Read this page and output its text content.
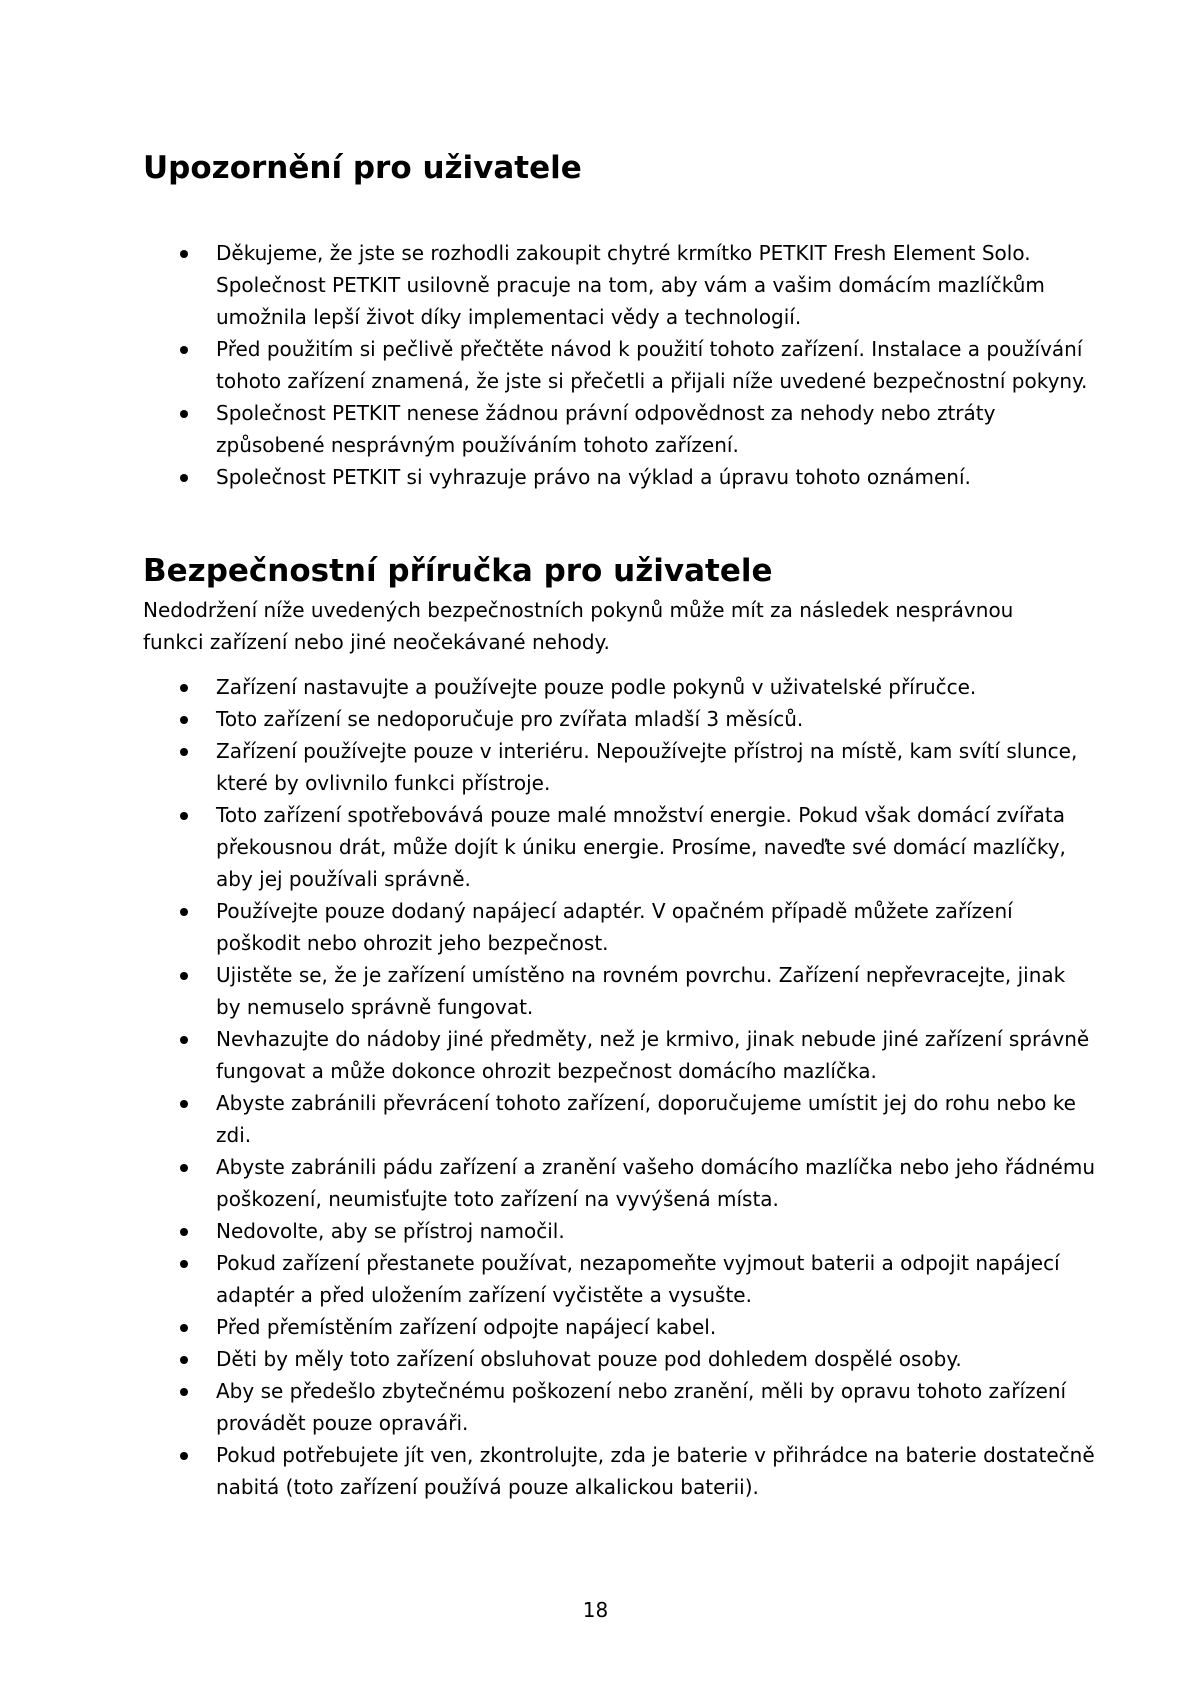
Upozornění pro uživatele
Děkujeme, že jste se rozhodli zakoupit chytré krmítko PETKIT Fresh Element Solo. Společnost PETKIT usilovně pracuje na tom, aby vám a vašim domácím mazlíčkům umožnila lepší život díky implementaci vědy a technologií.
Před použitím si pečlivě přečtěte návod k použití tohoto zařízení. Instalace a používání tohoto zařízení znamená, že jste si přečetli a přijali níže uvedené bezpečnostní pokyny.
Společnost PETKIT nenese žádnou právní odpovědnost za nehody nebo ztráty způsobené nesprávným používáním tohoto zařízení.
Společnost PETKIT si vyhrazuje právo na výklad a úpravu tohoto oznámení.
Bezpečnostní příručka pro uživatele

Nedodržení níže uvedených bezpečnostních pokynů může mít za následek nesprávnou funkci zařízení nebo jiné neočekávané nehody.

Zařízení nastavujte a používejte pouze podle pokynů v uživatelské příručce.
Toto zařízení se nedoporučuje pro zvířata mladší 3 měsíců.
Zařízení používejte pouze v interiéru. Nepoužívejte přístroj na místě, kam svítí slunce, které by ovlivnilo funkci přístroje.
Toto zařízení spotřebovává pouze malé množství energie. Pokud však domácí zvířata překousnou drát, může dojít k úniku energie. Prosíme, naveďte své domácí mazlíčky, aby jej používali správně.
Používejte pouze dodaný napájecí adaptér. V opačném případě můžete zařízení poškodit nebo ohrozit jeho bezpečnost.
Ujistěte se, že je zařízení umístěno na rovném povrchu. Zařízení nepřevracejte, jinak by nemuselo správně fungovat.
Nevhazujte do nádoby jiné předměty, než je krmivo, jinak nebude jiné zařízení správně fungovat a může dokonce ohrozit bezpečnost domácího mazlíčka.
Abyste zabránili převrácení tohoto zařízení, doporučujeme umístit jej do rohu nebo ke zdi.
Abyste zabránili pádu zařízení a zranění vašeho domácího mazlíčka nebo jeho řádnému poškození, neumisťujte toto zařízení na vyvýšená místa.
Nedovolte, aby se přístroj namočil.
Pokud zařízení přestanete používat, nezapomeňte vyjmout baterii a odpojit napájecí adaptér a před uložením zařízení vyčistěte a vysušte.
Před přemístěním zařízení odpojte napájecí kabel.
Děti by měly toto zařízení obsluhovat pouze pod dohledem dospělé osoby.
Aby se předešlo zbytečnému poškození nebo zranění, měli by opravu tohoto zařízení provádět pouze opraváři.
Pokud potřebujete jít ven, zkontrolujte, zda je baterie v přihrádce na baterie dostatečně nabitá (toto zařízení používá pouze alkalickou baterii).
18
